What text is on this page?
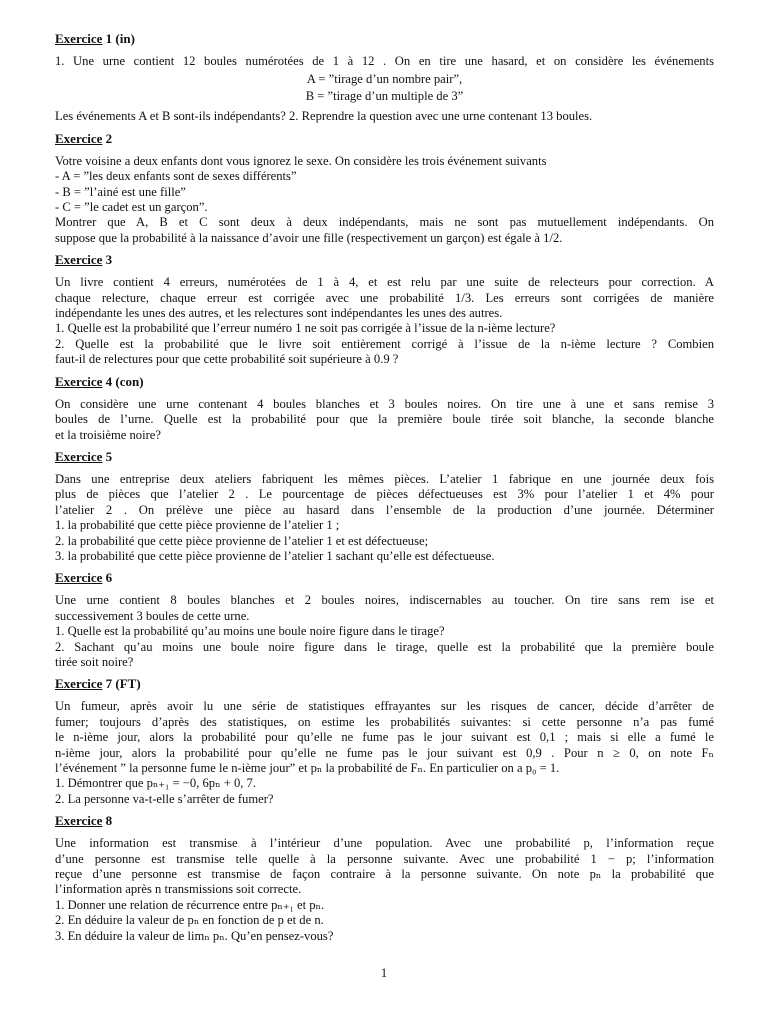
Exercice 1 (in)
1. Une urne contient 12 boules numérotées de 1 à 12 . On en tire une hasard, et on considère les événements
A = ”tirage d’un nombre pair”,
B = ”tirage d’un multiple de 3”
Les événements A et B sont-ils indépendants? 2. Reprendre la question avec une urne contenant 13 boules.
Exercice 2
Votre voisine a deux enfants dont vous ignorez le sexe. On considère les trois événement suivants
- A = ”les deux enfants sont de sexes différents”
- B = ”l’ainé est une fille”
- C = ”le cadet est un garçon”.
Montrer que A, B et C sont deux à deux indépendants, mais ne sont pas mutuellement indépendants. On
suppose que la probabilité à la naissance d’avoir une fille (respectivement un garçon) est égale à 1/2.
Exercice 3
Un livre contient 4 erreurs, numérotées de 1 à 4, et est relu par une suite de relecteurs pour correction. A
chaque relecture, chaque erreur est corrigée avec une probabilité 1/3. Les erreurs sont corrigées de manière
indépendante les unes des autres, et les relectures sont indépendantes les unes des autres.
1. Quelle est la probabilité que l’erreur numéro 1 ne soit pas corrigée à l’issue de la n-ième lecture?
2. Quelle est la probabilité que le livre soit entièrement corrigé à l’issue de la n-ième lecture ? Combien
faut-il de relectures pour que cette probabilité soit supérieure à 0.9 ?
Exercice 4 (con)
On considère une urne contenant 4 boules blanches et 3 boules noires. On tire une à une et sans remise 3
boules de l’urne. Quelle est la probabilité pour que la première boule tirée soit blanche, la seconde blanche
et la troisième noire?
Exercice 5
Dans une entreprise deux ateliers fabriquent les mêmes pièces. L’atelier 1 fabrique en une journée deux fois
plus de pièces que l’atelier 2 . Le pourcentage de pièces défectueuses est 3% pour l’atelier 1 et 4% pour
l’atelier 2 . On prélève une pièce au hasard dans l’ensemble de la production d’une journée. Déterminer
1. la probabilité que cette pièce provienne de l’atelier 1 ;
2. la probabilité que cette pièce provienne de l’atelier 1 et est défectueuse;
3. la probabilité que cette pièce provienne de l’atelier 1 sachant qu’elle est défectueuse.
Exercice 6
Une urne contient 8 boules blanches et 2 boules noires, indiscernables au toucher. On tire sans rem ise et
successivement 3 boules de cette urne.
1. Quelle est la probabilité qu’au moins une boule noire figure dans le tirage?
2. Sachant qu’au moins une boule noire figure dans le tirage, quelle est la probabilité que la première boule
tirée soit noire?
Exercice 7 (FT)
Un fumeur, après avoir lu une série de statistiques effrayantes sur les risques de cancer, décide d’arrêter de
fumer; toujours d’après des statistiques, on estime les probabilités suivantes: si cette personne n’a pas fumé
le n-ième jour, alors la probabilité pour qu’elle ne fume pas le jour suivant est 0,1 ; mais si elle a fumé le
n-ième jour, alors la probabilité pour qu’elle ne fume pas le jour suivant est 0,9 . Pour n ≥ 0, on note Fₙ
l’événement ” la personne fume le n-ième jour” et pₙ la probabilité de Fₙ. En particulier on a p₀ = 1.
1. Démontrer que pₙ₊₁ = −0, 6pₙ + 0, 7.
2. La personne va-t-elle s’arrêter de fumer?
Exercice 8
Une information est transmise à l’intérieur d’une population. Avec une probabilité p, l’information reçue
d’une personne est transmise telle quelle à la personne suivante. Avec une probabilité 1 − p; l’information
reçue d’une personne est transmise de façon contraire à la personne suivante. On note pₙ la probabilité que
l’information après n transmissions soit correcte.
1. Donner une relation de récurrence entre pₙ₊₁ et pₙ.
2. En déduire la valeur de pₙ en fonction de p et de n.
3. En déduire la valeur de limₙ pₙ. Qu’en pensez-vous?
1
